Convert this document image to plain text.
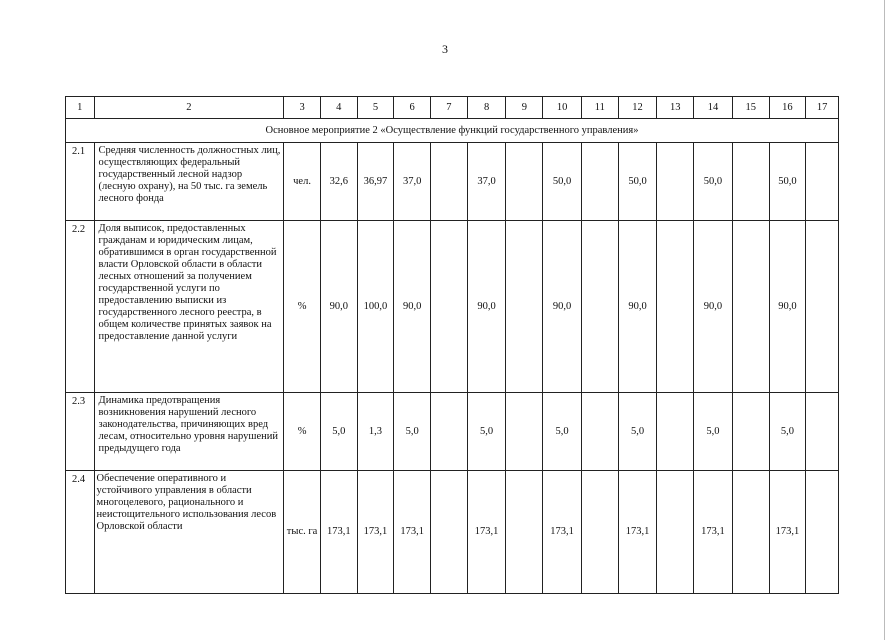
3
1	2	3	4	5	6	7	8	9	10	11	12	13	14	15	16	17
Основное мероприятие 2 «Осуществление функций государственного управления»																
2.1	Средняя численность должностных лиц, осуществляющих федеральный государственный лесной надзор (лесную охрану), на 50 тыс. га земель лесного фонда	чел.	32,6	36,97	37,0		37,0		50,0		50,0		50,0		50,0	
2.2	Доля выписок, предоставленных гражданам и юридическим лицам, обратившимся в орган государственной власти Орловской области в области лесных отношений за получением государственной услуги по предоставлению выписки из государственного лесного реестра, в общем количестве принятых заявок на предоставление данной услуги	%	90,0	100,0	90,0		90,0		90,0		90,0		90,0		90,0	
2.3	Динамика предотвращения возникновения нарушений лесного законодательства, причиняющих вред лесам, относительно уровня нарушений предыдущего года	%	5,0	1,3	5,0		5,0		5,0		5,0		5,0		5,0	
2.4	Обеспечение оперативного и устойчивого управления в области многоцелевого, рационального и неистощительного использования лесов Орловской области	тыс. га	173,1	173,1	173,1		173,1		173,1		173,1		173,1		173,1	
